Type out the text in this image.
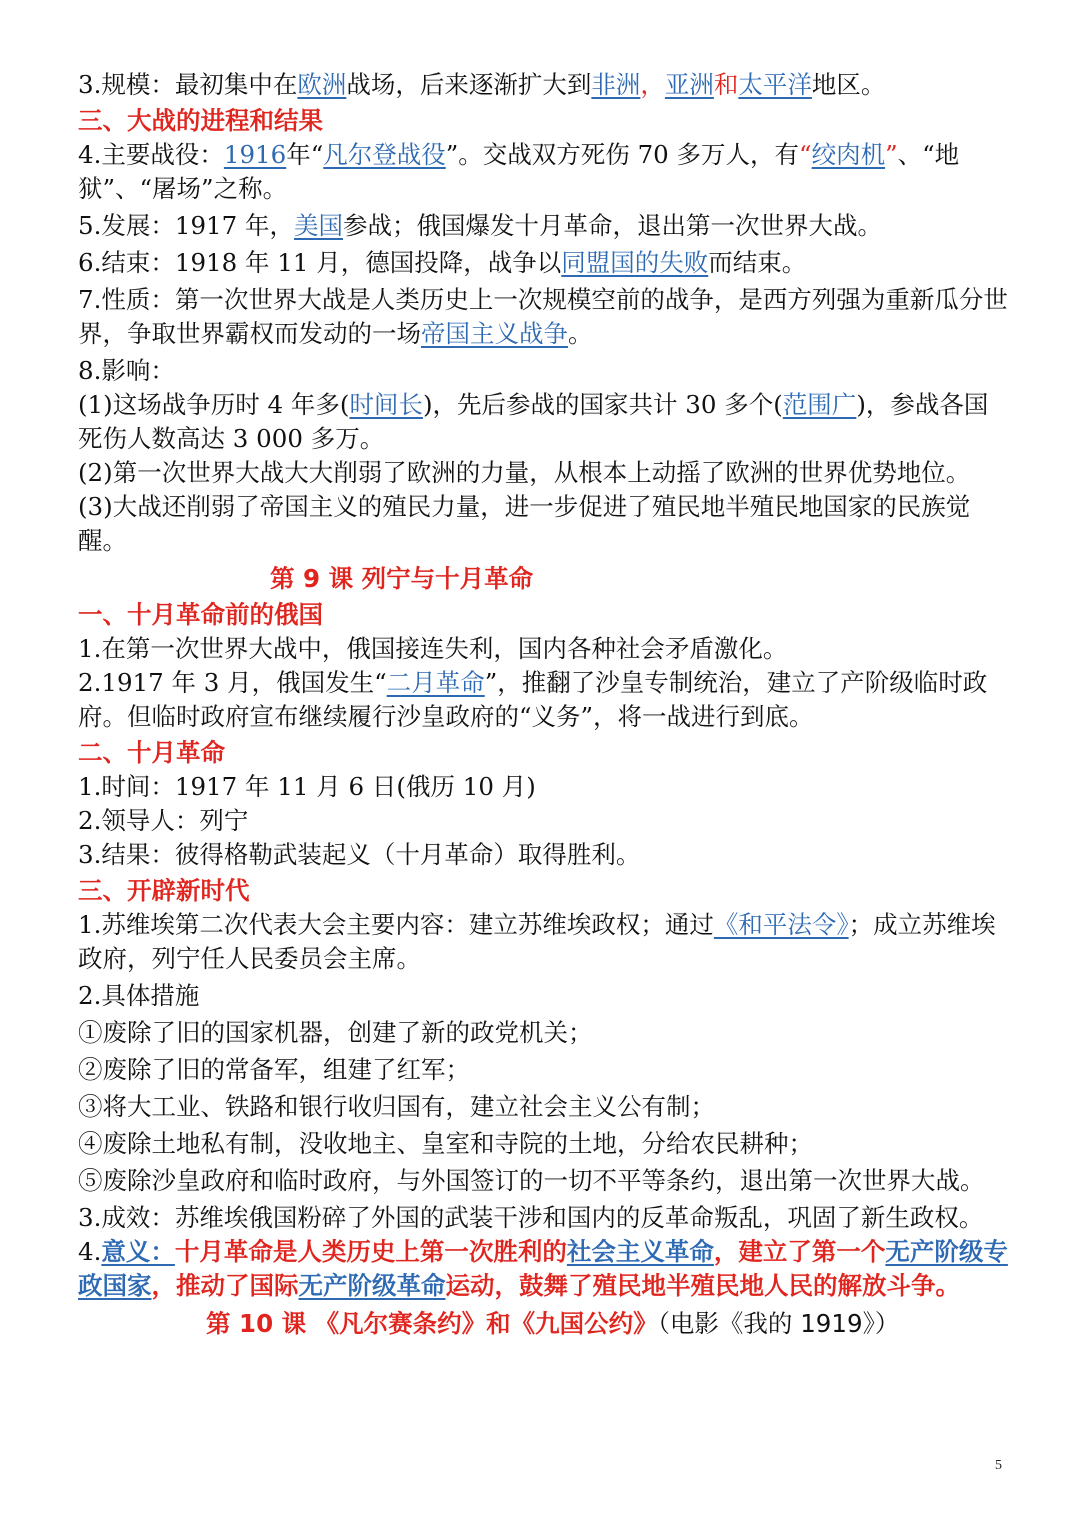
3.规模：最初集中在欧洲战场，后来逐渐扩大到非洲，亚洲和太平洋地区。

三、大战的进程和结果

4.主要战役：1916年“凡尔登战役”。交战双方死伤 70 多万人，有“绞肉机”、“地狱”、“屠场”之称。

5.发展：1917 年，美国参战；俄国爆发十月革命，退出第一次世界大战。

6.结束：1918 年 11 月，德国投降，战争以同盟国的失败而结束。

7.性质：第一次世界大战是人类历史上一次规模空前的战争，是西方列强为重新瓜分世界，争取世界霸权而发动的一场帝国主义战争。

8.影响：

(1)这场战争历时 4 年多(时间长)，先后参战的国家共计 30 多个(范围广)，参战各国死伤人数高达 3 000 多万。

(2)第一次世界大战大大削弱了欧洲的力量，从根本上动摇了欧洲的世界优势地位。

(3)大战还削弱了帝国主义的殖民力量，进一步促进了殖民地半殖民地国家的民族觉醒。

第 9 课 列宁与十月革命

一、十月革命前的俄国

1.在第一次世界大战中，俄国接连失利，国内各种社会矛盾激化。

2.1917 年 3 月，俄国发生“二月革命”，推翻了沙皇专制统治，建立了产阶级临时政府。但临时政府宣布继续履行沙皇政府的“义务”，将一战进行到底。

二、十月革命

1.时间：1917 年 11 月 6 日(俄历 10 月)

2.领导人：列宁

3.结果：彼得格勒武装起义（十月革命）取得胜利。

三、开辟新时代

1.苏维埃第二次代表大会主要内容：建立苏维埃政权；通过《和平法令》；成立苏维埃政府，列宁任人民委员会主席。

2.具体措施

①废除了旧的国家机器，创建了新的政党机关；

②废除了旧的常备军，组建了红军；

③将大工业、铁路和银行收归国有，建立社会主义公有制；

④废除土地私有制，没收地主、皇室和寺院的土地，分给农民耕种；

⑤废除沙皇政府和临时政府，与外国签订的一切不平等条约，退出第一次世界大战。

3.成效：苏维埃俄国粉碎了外国的武装干涉和国内的反革命叛乱，巩固了新生政权。

4.意义：十月革命是人类历史上第一次胜利的社会主义革命，建立了第一个无产阶级专政国家，推动了国际无产阶级革命运动，鼓舞了殖民地半殖民地人民的解放斗争。

第 10 课 《凡尔赛条约》和《九国公约》（电影《我的 1919》）

5
